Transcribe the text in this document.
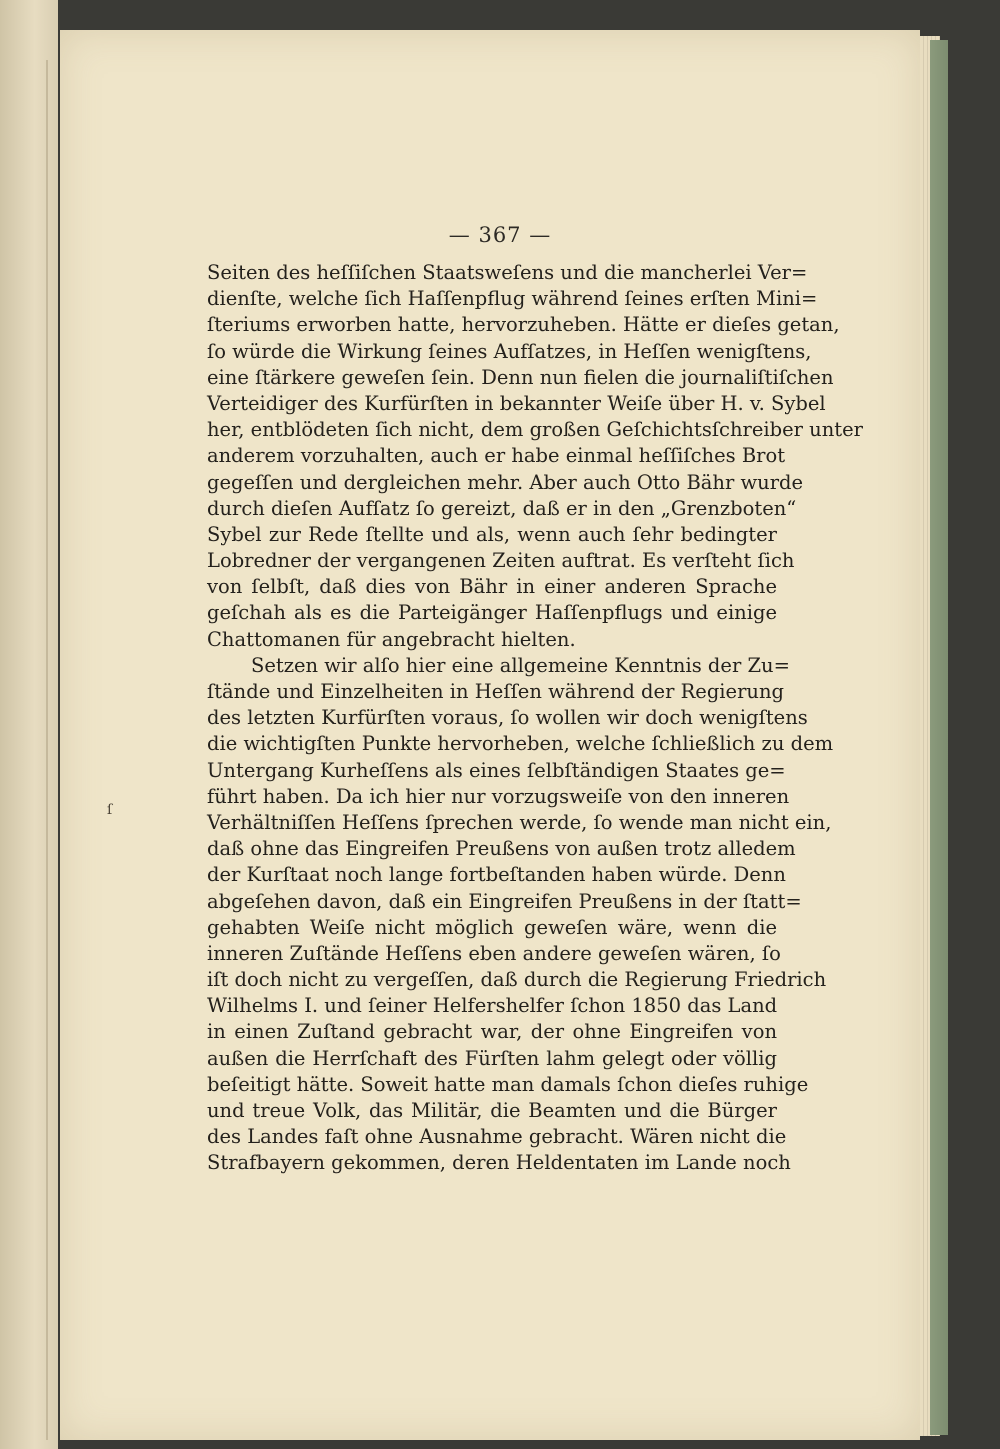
— 367 —
ſ
Seiten des heſſiſchen Staatsweſens und die mancherlei Ver=
dienſte, welche ſich Haſſenpflug während ſeines erſten Mini=
ſteriums erworben hatte, hervorzuheben. Hätte er dieſes getan,
ſo würde die Wirkung ſeines Aufſatzes, in Heſſen wenigſtens,
eine ſtärkere geweſen ſein. Denn nun fielen die journaliſtiſchen
Verteidiger des Kurfürſten in bekannter Weiſe über H. v. Sybel
her, entblödeten ſich nicht, dem großen Geſchichtsſchreiber unter
anderem vorzuhalten, auch er habe einmal heſſiſches Brot
gegeſſen und dergleichen mehr. Aber auch Otto Bähr wurde
durch dieſen Aufſatz ſo gereizt, daß er in den „Grenzboten“
Sybel zur Rede ſtellte und als, wenn auch ſehr bedingter
Lobredner der vergangenen Zeiten auftrat. Es verſteht ſich
von ſelbſt, daß dies von Bähr in einer anderen Sprache
geſchah als es die Parteigänger Haſſenpflugs und einige
Chattomanen für angebracht hielten.
Setzen wir alſo hier eine allgemeine Kenntnis der Zu=
ſtände und Einzelheiten in Heſſen während der Regierung
des letzten Kurfürſten voraus, ſo wollen wir doch wenigſtens
die wichtigſten Punkte hervorheben, welche ſchließlich zu dem
Untergang Kurheſſens als eines ſelbſtändigen Staates ge=
führt haben. Da ich hier nur vorzugsweiſe von den inneren
Verhältniſſen Heſſens ſprechen werde, ſo wende man nicht ein,
daß ohne das Eingreifen Preußens von außen trotz alledem
der Kurſtaat noch lange fortbeſtanden haben würde. Denn
abgeſehen davon, daß ein Eingreifen Preußens in der ſtatt=
gehabten Weiſe nicht möglich geweſen wäre, wenn die
inneren Zuſtände Heſſens eben andere geweſen wären, ſo
iſt doch nicht zu vergeſſen, daß durch die Regierung Friedrich
Wilhelms I. und ſeiner Helfershelfer ſchon 1850 das Land
in einen Zuſtand gebracht war, der ohne Eingreifen von
außen die Herrſchaft des Fürſten lahm gelegt oder völlig
beſeitigt hätte. Soweit hatte man damals ſchon dieſes ruhige
und treue Volk, das Militär, die Beamten und die Bürger
des Landes faſt ohne Ausnahme gebracht. Wären nicht die
Strafbayern gekommen, deren Heldentaten im Lande noch
